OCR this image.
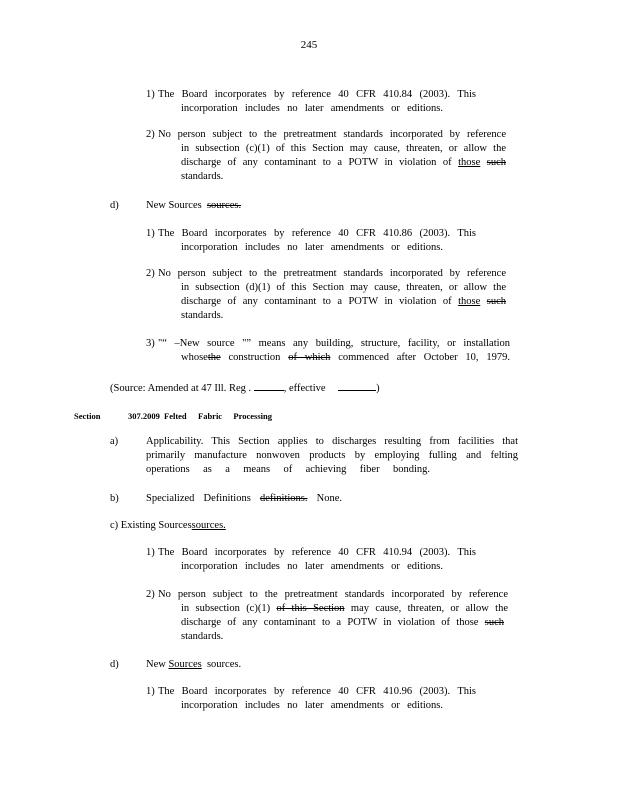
245
1) The Board incorporates by reference 40 CFR 410.84 (2003). This
incorporation includes no later amendments or editions.
2) No person subject to the pretreatment standards incorporated by reference
in subsection (c)(1) of this Section may cause, threaten, or allow the
discharge of any contaminant to a POTW in violation of those such
standards.
d)	New Sources sources.
1) The Board incorporates by reference 40 CFR 410.86 (2003). This
incorporation includes no later amendments or editions.
2) No person subject to the pretreatment standards incorporated by reference
in subsection (d)(1) of this Section may cause, threaten, or allow the
discharge of any contaminant to a POTW in violation of those such
standards.
3) "“ –New source "” means any building, structure, facility, or installation
whosethe construction of which commenced after October 10, 1979.
(Source: Amended at 47 Ill. Reg .	, effective	)
Section	307.2009 Felted Fabric Processing
a)	Applicability. This Section applies to discharges resulting from facilities that
primarily manufacture nonwoven products by employing fulling and felting
operations as a means of achieving fiber bonding.
b)	Specialized Definitions definitions. None.
c) Existing Sourcessources.
1) The Board incorporates by reference 40 CFR 410.94 (2003). This
incorporation includes no later amendments or editions.
2) No person subject to the pretreatment standards incorporated by reference
in subsection (c)(1) of this Section may cause, threaten, or allow the
discharge of any contaminant to a POTW in violation of those such
standards.
d)	New Sources sources.
1) The Board incorporates by reference 40 CFR 410.96 (2003). This
incorporation includes no later amendments or editions.
